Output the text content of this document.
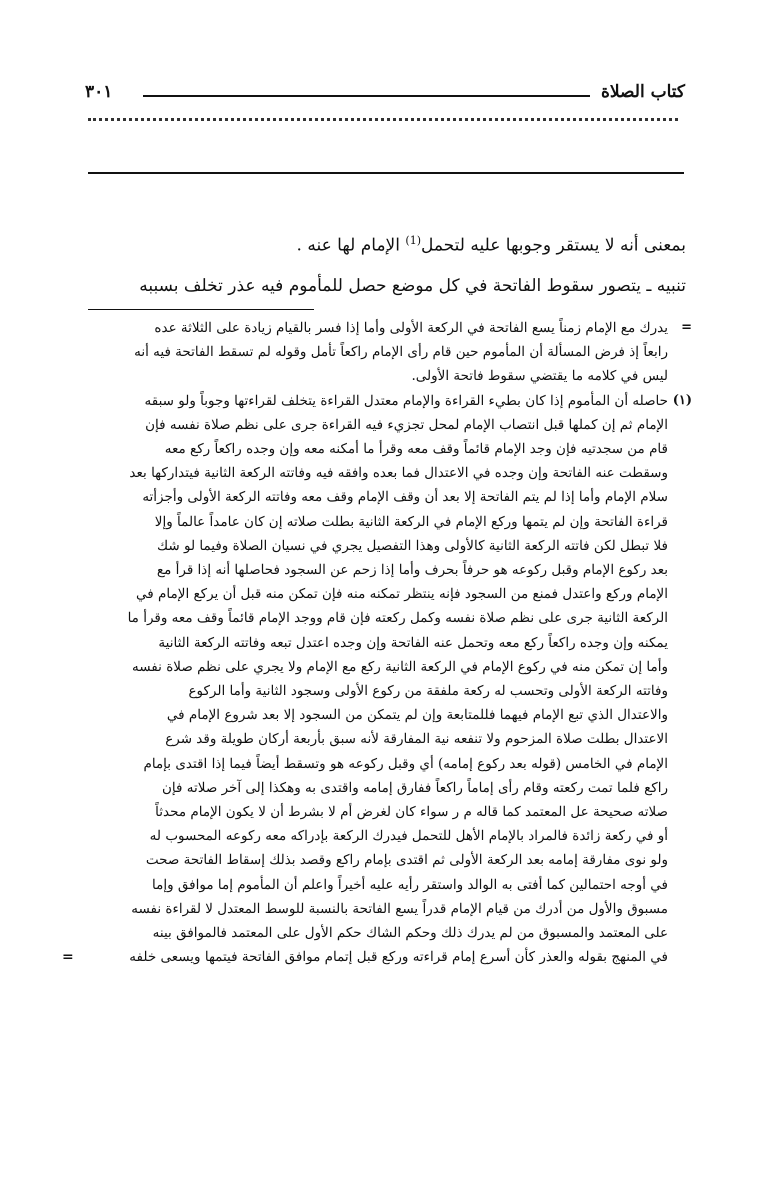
كتاب الصلاة
٣٠١
بمعنى أنه لا يستقر وجوبها عليه لتحمل$^{(1)}$ الإمام لها عنه .
تنبيه ـ يتصور سقوط الفاتحة في كل موضع حصل للمأموم فيه عذر تخلف بسببه
=
يدرك مع الإمام زمناً يسع الفاتحة في الركعة الأولى وأما إذا فسر بالقيام زيادة على الثلاثة عده
رابعاً إذ فرض المسألة أن المأموم حين قام رأى الإمام راكعاً تأمل وقوله لم تسقط الفاتحة فيه أنه
ليس في كلامه ما يقتضي سقوط فاتحة الأولى.
(١)
حاصله أن المأموم إذا كان بطيء القراءة والإمام معتدل القراءة يتخلف لقراءتها وجوباً ولو سبقه
الإمام ثم إن كملها قبل انتصاب الإمام لمحل تجزيء فيه القراءة جرى على نظم صلاة نفسه فإن
قام من سجدتيه فإن وجد الإمام قائماً وقف معه وقرأ ما أمكنه معه وإن وجده راكعاً ركع معه
وسقطت عنه الفاتحة وإن وجده في الاعتدال فما بعده وافقه فيه وفاتته الركعة الثانية فيتداركها بعد
سلام الإمام وأما إذا لم يتم الفاتحة إلا بعد أن وقف الإمام وقف معه وفاتته الركعة الأولى وأجزأته
قراءة الفاتحة وإن لم يتمها وركع الإمام في الركعة الثانية بطلت صلاته إن كان عامداً عالماً وإلا
فلا تبطل لكن فاتته الركعة الثانية كالأولى وهذا التفصيل يجري في نسيان الصلاة وفيما لو شك
بعد ركوع الإمام وقبل ركوعه هو حرفاً بحرف وأما إذا زحم عن السجود فحاصلها أنه إذا قرأ مع
الإمام وركع واعتدل فمنع من السجود فإنه ينتظر تمكنه منه فإن تمكن منه قبل أن يركع الإمام في
الركعة الثانية جرى على نظم صلاة نفسه وكمل ركعته فإن قام ووجد الإمام قائماً وقف معه وقرأ ما
يمكنه وإن وجده راكعاً ركع معه وتحمل عنه الفاتحة وإن وجده اعتدل تبعه وفاتته الركعة الثانية
وأما إن تمكن منه في ركوع الإمام في الركعة الثانية ركع مع الإمام ولا يجري على نظم صلاة نفسه
وفاتته الركعة الأولى وتحسب له ركعة ملفقة من ركوع الأولى وسجود الثانية وأما الركوع
والاعتدال الذي تبع الإمام فيهما فللمتابعة وإن لم يتمكن من السجود إلا بعد شروع الإمام في
الاعتدال بطلت صلاة المزحوم ولا تنفعه نية المفارقة لأنه سبق بأربعة أركان طويلة وقد شرع
الإمام في الخامس (قوله بعد ركوع إمامه) أي وقبل ركوعه هو وتسقط أيضاً فيما إذا اقتدى بإمام
راكع فلما تمت ركعته وقام رأى إماماً راكعاً ففارق إمامه واقتدى به وهكذا إلى آخر صلاته فإن
صلاته صحيحة عل المعتمد كما قاله م ر سواء كان لغرض أم لا بشرط أن لا يكون الإمام محدثاً
أو في ركعة زائدة فالمراد بالإمام الأهل للتحمل فيدرك الركعة بإدراكه معه ركوعه المحسوب له
ولو نوى مفارقة إمامه بعد الركعة الأولى ثم اقتدى بإمام راكع وقصد بذلك إسقاط الفاتحة صحت
في أوجه احتمالين كما أفتى به الوالد واستقر رأيه عليه أخيراً واعلم أن المأموم إما موافق وإما
مسبوق والأول من أدرك من قيام الإمام قدراً يسع الفاتحة بالنسبة للوسط المعتدل لا لقراءة نفسه
على المعتمد والمسبوق من لم يدرك ذلك وحكم الشاك حكم الأول على المعتمد فالموافق بينه
في المنهج بقوله والعذر كأن أسرع إمام قراءته وركع قبل إتمام موافق الفاتحة فيتمها ويسعى خلفه
=
